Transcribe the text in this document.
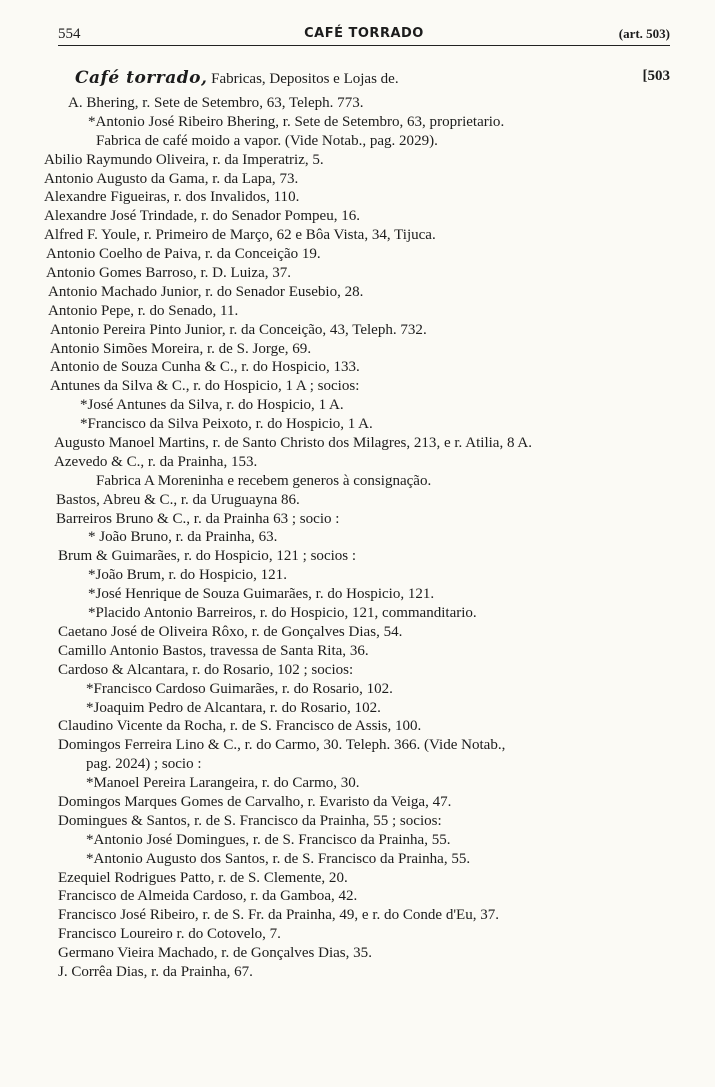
554	CAFÉ TORRADO	(art. 503)
Café torrado, Fabricas, Depositos e Lojas de.	[503
A. Bhering, r. Sete de Setembro, 63, Teleph. 773.
*Antonio José Ribeiro Bhering, r. Sete de Setembro, 63, proprietario.
Fabrica de café moido a vapor. (Vide Notab., pag. 2029).
Abilio Raymundo Oliveira, r. da Imperatriz, 5.
Antonio Augusto da Gama, r. da Lapa, 73.
Alexandre Figueiras, r. dos Invalidos, 110.
Alexandre José Trindade, r. do Senador Pompeu, 16.
Alfred F. Youle, r. Primeiro de Março, 62 e Bôa Vista, 34, Tijuca.
Antonio Coelho de Paiva, r. da Conceição 19.
Antonio Gomes Barroso, r. D. Luiza, 37.
Antonio Machado Junior, r. do Senador Eusebio, 28.
Antonio Pepe, r. do Senado, 11.
Antonio Pereira Pinto Junior, r. da Conceição, 43, Teleph. 732.
Antonio Simões Moreira, r. de S. Jorge, 69.
Antonio de Souza Cunha & C., r. do Hospicio, 133.
Antunes da Silva & C., r. do Hospicio, 1 A ; socios:
*José Antunes da Silva, r. do Hospicio, 1 A.
*Francisco da Silva Peixoto, r. do Hospicio, 1 A.
Augusto Manoel Martins, r. de Santo Christo dos Milagres, 213, e r. Atilia, 8 A.
Azevedo & C., r. da Prainha, 153.
Fabrica A Moreninha e recebem generos à consignação.
Bastos, Abreu & C., r. da Uruguayna 86.
Barreiros Bruno & C., r. da Prainha 63 ; socio :
* João Bruno, r. da Prainha, 63.
Brum & Guimarães, r. do Hospicio, 121 ; socios :
*João Brum, r. do Hospicio, 121.
*José Henrique de Souza Guimarães, r. do Hospicio, 121.
*Placido Antonio Barreiros, r. do Hospicio, 121, commanditario.
Caetano José de Oliveira Rôxo, r. de Gonçalves Dias, 54.
Camillo Antonio Bastos, travessa de Santa Rita, 36.
Cardoso & Alcantara, r. do Rosario, 102 ; socios:
*Francisco Cardoso Guimarães, r. do Rosario, 102.
*Joaquim Pedro de Alcantara, r. do Rosario, 102.
Claudino Vicente da Rocha, r. de S. Francisco de Assis, 100.
Domingos Ferreira Lino & C., r. do Carmo, 30. Teleph. 366. (Vide Notab.,
pag. 2024) ; socio :
*Manoel Pereira Larangeira, r. do Carmo, 30.
Domingos Marques Gomes de Carvalho, r. Evaristo da Veiga, 47.
Domingues & Santos, r. de S. Francisco da Prainha, 55 ; socios:
*Antonio José Domingues, r. de S. Francisco da Prainha, 55.
*Antonio Augusto dos Santos, r. de S. Francisco da Prainha, 55.
Ezequiel Rodrigues Patto, r. de S. Clemente, 20.
Francisco de Almeida Cardoso, r. da Gamboa, 42.
Francisco José Ribeiro, r. de S. Fr. da Prainha, 49, e r. do Conde d'Eu, 37.
Francisco Loureiro r. do Cotovelo, 7.
Germano Vieira Machado, r. de Gonçalves Dias, 35.
J. Corrêa Dias, r. da Prainha, 67.
